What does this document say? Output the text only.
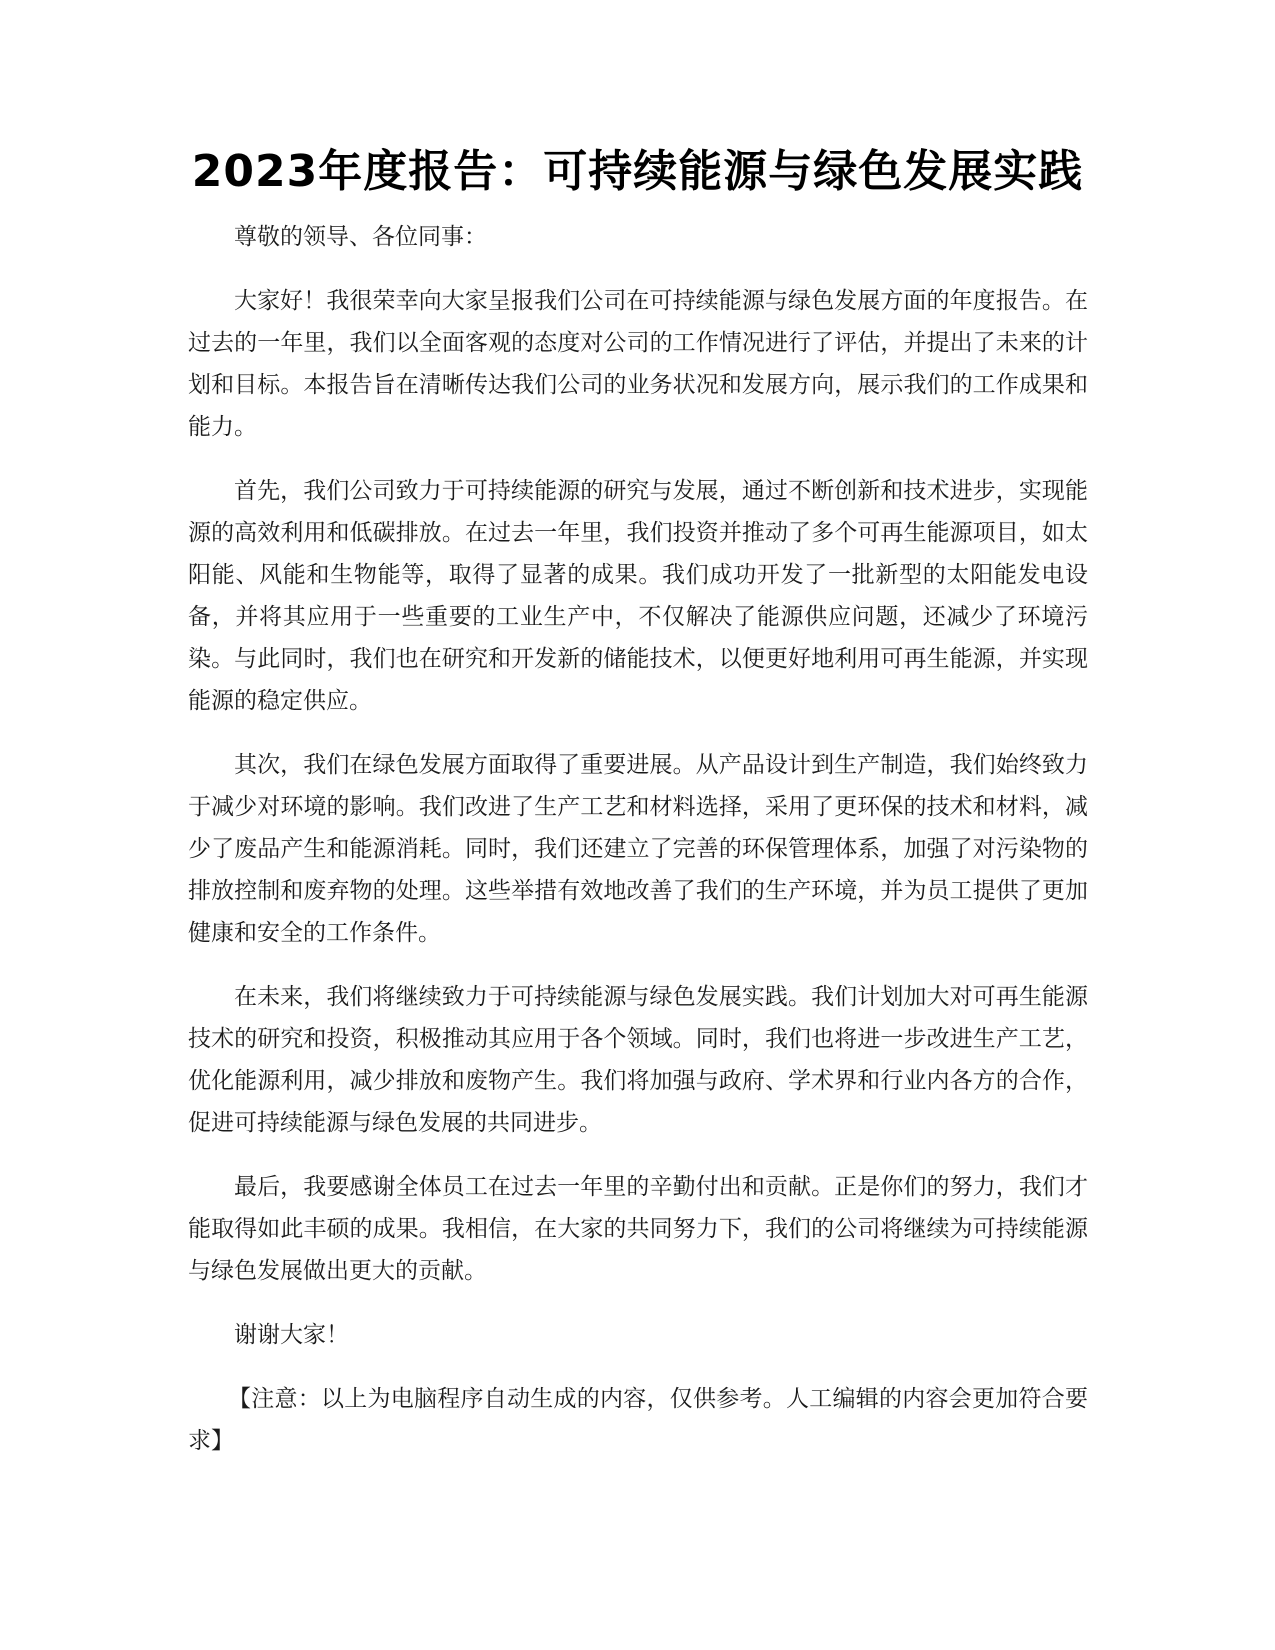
2023年度报告：可持续能源与绿色发展实践

尊敬的领导、各位同事：

大家好！我很荣幸向大家呈报我们公司在可持续能源与绿色发展方面的年度报告。在过去的一年里，我们以全面客观的态度对公司的工作情况进行了评估，并提出了未来的计划和目标。本报告旨在清晰传达我们公司的业务状况和发展方向，展示我们的工作成果和能力。

首先，我们公司致力于可持续能源的研究与发展，通过不断创新和技术进步，实现能源的高效利用和低碳排放。在过去一年里，我们投资并推动了多个可再生能源项目，如太阳能、风能和生物能等，取得了显著的成果。我们成功开发了一批新型的太阳能发电设备，并将其应用于一些重要的工业生产中，不仅解决了能源供应问题，还减少了环境污染。与此同时，我们也在研究和开发新的储能技术，以便更好地利用可再生能源，并实现能源的稳定供应。

其次，我们在绿色发展方面取得了重要进展。从产品设计到生产制造，我们始终致力于减少对环境的影响。我们改进了生产工艺和材料选择，采用了更环保的技术和材料，减少了废品产生和能源消耗。同时，我们还建立了完善的环保管理体系，加强了对污染物的排放控制和废弃物的处理。这些举措有效地改善了我们的生产环境，并为员工提供了更加健康和安全的工作条件。

在未来，我们将继续致力于可持续能源与绿色发展实践。我们计划加大对可再生能源技术的研究和投资，积极推动其应用于各个领域。同时，我们也将进一步改进生产工艺，优化能源利用，减少排放和废物产生。我们将加强与政府、学术界和行业内各方的合作，促进可持续能源与绿色发展的共同进步。

最后，我要感谢全体员工在过去一年里的辛勤付出和贡献。正是你们的努力，我们才能取得如此丰硕的成果。我相信，在大家的共同努力下，我们的公司将继续为可持续能源与绿色发展做出更大的贡献。

谢谢大家！

【注意：以上为电脑程序自动生成的内容，仅供参考。人工编辑的内容会更加符合要求】
